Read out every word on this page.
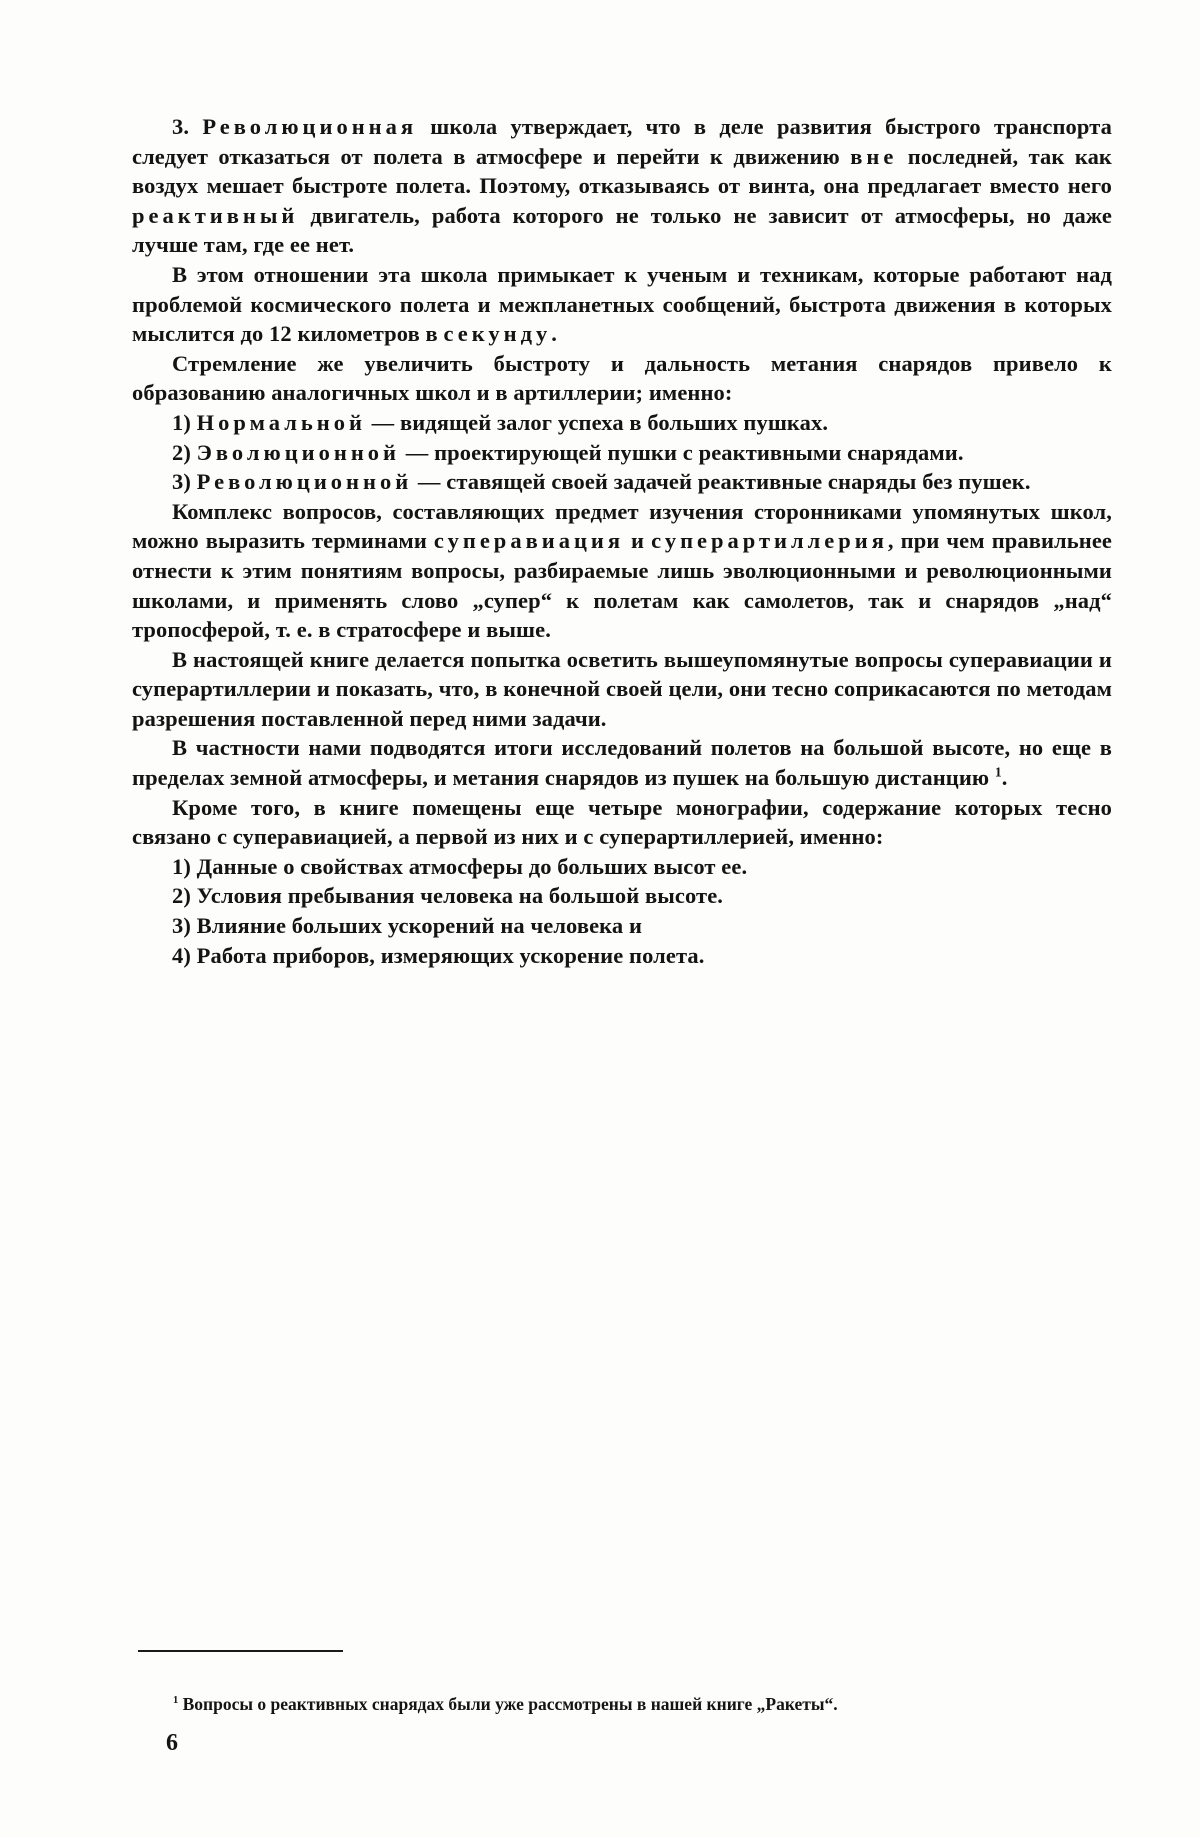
3. Революционная школа утверждает, что в деле развития быстрого транспорта следует отказаться от полета в атмосфере и перейти к движению вне последней, так как воздух мешает быстроте полета. Поэтому, отказываясь от винта, она предлагает вместо него реактивный двигатель, работа которого не только не зависит от атмосферы, но даже лучше там, где ее нет.

В этом отношении эта школа примыкает к ученым и техникам, которые работают над проблемой космического полета и межпланетных сообщений, быстрота движения в которых мыслится до 12 километров в секунду.

Стремление же увеличить быстроту и дальность метания снарядов привело к образованию аналогичных школ и в артиллерии; именно:

1) Нормальной — видящей залог успеха в больших пушках.

2) Эволюционной — проектирующей пушки с реактивными снарядами.

3) Революционной — ставящей своей задачей реактивные снаряды без пушек.

Комплекс вопросов, составляющих предмет изучения сторонниками упомянутых школ, можно выразить терминами суперавиация и суперартиллерия, при чем правильнее отнести к этим понятиям вопросы, разбираемые лишь эволюционными и революционными школами, и применять слово „супер“ к полетам как самолетов, так и снарядов „над“ тропосферой, т. е. в стратосфере и выше.

В настоящей книге делается попытка осветить вышеупомянутые вопросы суперавиации и суперартиллерии и показать, что, в конечной своей цели, они тесно соприкасаются по методам разрешения поставленной перед ними задачи.

В частности нами подводятся итоги исследований полетов на большой высоте, но еще в пределах земной атмосферы, и метания снарядов из пушек на большую дистанцию $^1$.

Кроме того, в книге помещены еще четыре монографии, содержание которых тесно связано с суперавиацией, а первой из них и с суперартиллерией, именно:

1) Данные о свойствах атмосферы до больших высот ее.

2) Условия пребывания человека на большой высоте.

3) Влияние больших ускорений на человека и

4) Работа приборов, измеряющих ускорение полета.

$^1$ Вопросы о реактивных снарядах были уже рассмотрены в нашей книге „Ракеты“.
6
